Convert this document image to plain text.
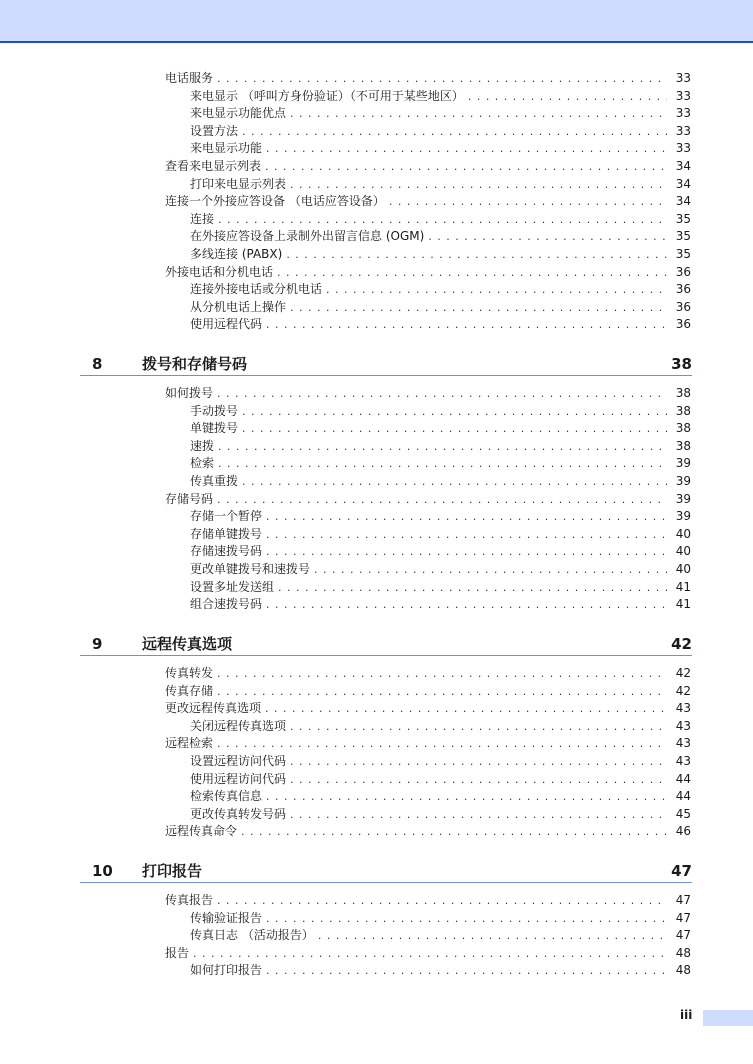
电话服务 . . .	33
来电显示 （呼叫方身份验证）（不可用于某些地区） . . .	33
来电显示功能优点 . . .	33
设置方法 . . .	33
来电显示功能 . . .	33
查看来电显示列表 . . .	34
打印来电显示列表 . . .	34
连接一个外接应答设备 （电话应答设备） . . .	34
连接 . . .	35
在外接应答设备上录制外出留言信息 (OGM) . . .	35
多线连接 (PABX) . . .	35
外接电话和分机电话 . . .	36
连接外接电话或分机电话 . . .	36
从分机电话上操作 . . .	36
使用远程代码 . . .	36
8	拨号和存储号码	38
如何拨号 . . .	38
手动拨号 . . .	38
单键拨号 . . .	38
速拨 . . .	38
检索 . . .	39
传真重拨 . . .	39
存储号码 . . .	39
存储一个暂停 . . .	39
存储单键拨号 . . .	40
存储速拨号码 . . .	40
更改单键拨号和速拨号 . . .	40
设置多址发送组 . . .	41
组合速拨号码 . . .	41
9	远程传真选项	42
传真转发 . . .	42
传真存储 . . .	42
更改远程传真选项 . . .	43
关闭远程传真选项 . . .	43
远程检索 . . .	43
设置远程访问代码 . . .	43
使用远程访问代码 . . .	44
检索传真信息 . . .	44
更改传真转发号码 . . .	45
远程传真命令 . . .	46
10 打印报告	47
传真报告 . . .	47
传输验证报告 . . .	47
传真日志 （活动报告） . . .	47
报告 . . .	48
如何打印报告 . . .	48
iii
